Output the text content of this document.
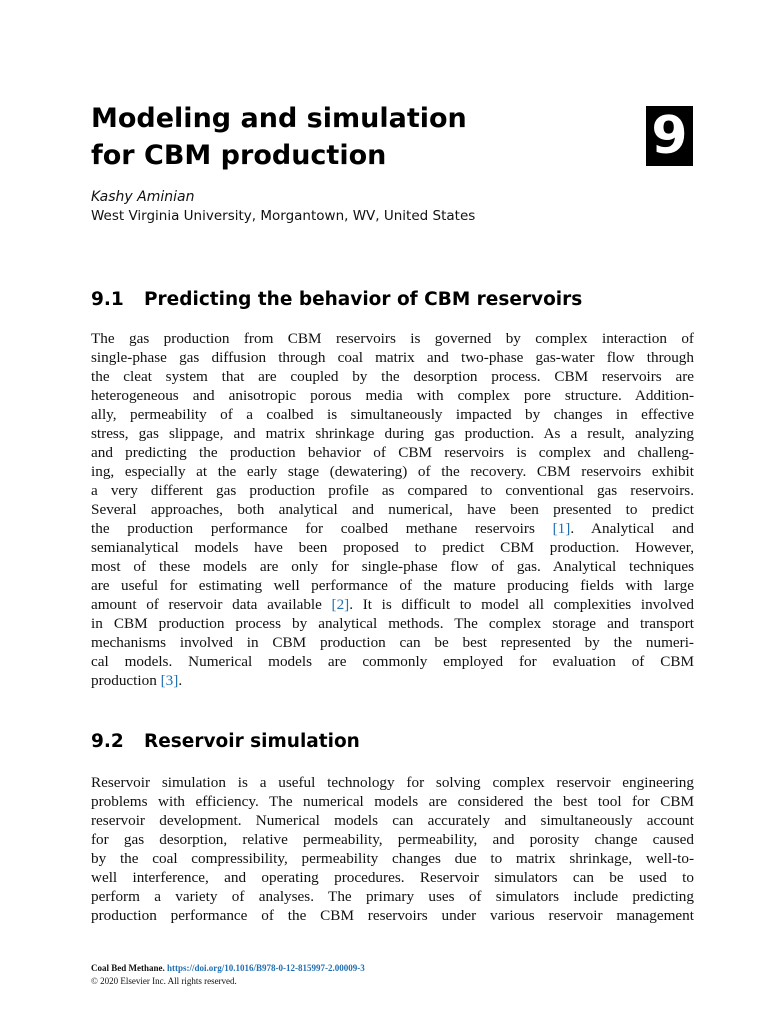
Modeling and simulation
for CBM production	9

Kashy Aminian

West Virginia University, Morgantown, WV, United States

9.1 Predicting the behavior of CBM reservoirs
The gas production from CBM reservoirs is governed by complex interaction of
single-phase gas diffusion through coal matrix and two-phase gas-water flow through
the cleat system that are coupled by the desorption process. CBM reservoirs are
heterogeneous and anisotropic porous media with complex pore structure. Addition-
ally, permeability of a coalbed is simultaneously impacted by changes in effective
stress, gas slippage, and matrix shrinkage during gas production. As a result, analyzing
and predicting the production behavior of CBM reservoirs is complex and challeng-
ing, especially at the early stage (dewatering) of the recovery. CBM reservoirs exhibit
a very different gas production profile as compared to conventional gas reservoirs.
Several approaches, both analytical and numerical, have been presented to predict
the production performance for coalbed methane reservoirs [1]. Analytical and
semianalytical models have been proposed to predict CBM production. However,
most of these models are only for single-phase flow of gas. Analytical techniques
are useful for estimating well performance of the mature producing fields with large
amount of reservoir data available [2]. It is difficult to model all complexities involved
in CBM production process by analytical methods. The complex storage and transport
mechanisms involved in CBM production can be best represented by the numeri-
cal models. Numerical models are commonly employed for evaluation of CBM
production [3].
9.2 Reservoir simulation
Reservoir simulation is a useful technology for solving complex reservoir engineering
problems with efficiency. The numerical models are considered the best tool for CBM
reservoir development. Numerical models can accurately and simultaneously account
for gas desorption, relative permeability, permeability, and porosity change caused
by the coal compressibility, permeability changes due to matrix shrinkage, well-to-
well interference, and operating procedures. Reservoir simulators can be used to
perform a variety of analyses. The primary uses of simulators include predicting
production performance of the CBM reservoirs under various reservoir management
Coal Bed Methane. https://doi.org/10.1016/B978-0-12-815997-2.00009-3
© 2020 Elsevier Inc. All rights reserved.
